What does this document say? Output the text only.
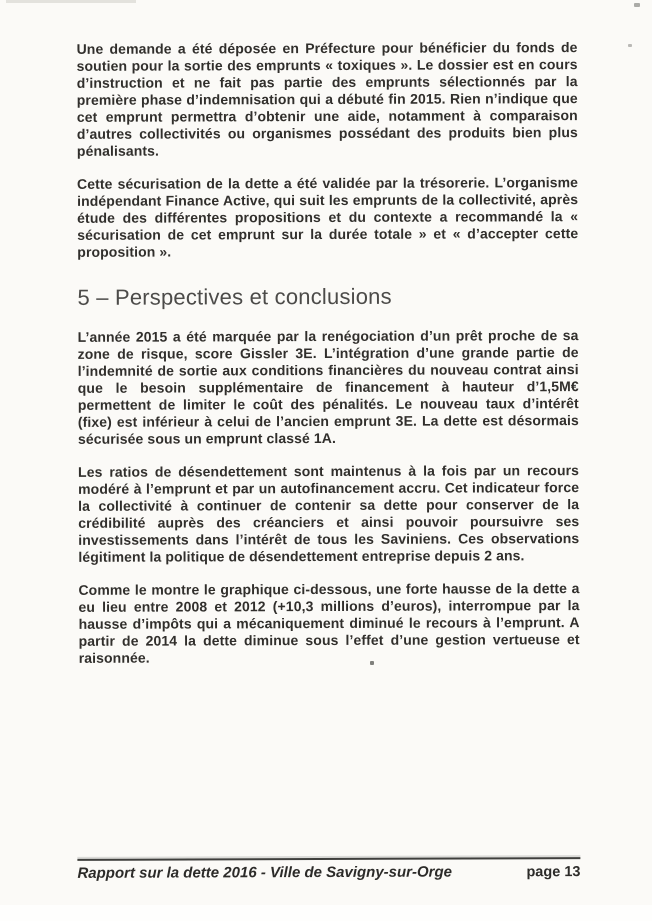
Une demande a été déposée en Préfecture pour bénéficier du fonds de soutien pour la sortie des emprunts « toxiques ». Le dossier est en cours d’instruction et ne fait pas partie des emprunts sélectionnés par la première phase d’indemnisation qui a débuté fin 2015. Rien n’indique que cet emprunt permettra d’obtenir une aide, notamment à comparaison d’autres collectivités ou organismes possédant des produits bien plus pénalisants.

Cette sécurisation de la dette a été validée par la trésorerie. L’organisme indépendant Finance Active, qui suit les emprunts de la collectivité, après étude des différentes propositions et du contexte a recommandé la « sécurisation de cet emprunt sur la durée totale » et « d’accepter cette proposition ».

5 – Perspectives et conclusions

L’année 2015 a été marquée par la renégociation d’un prêt proche de sa zone de risque, score Gissler 3E. L’intégration d’une grande partie de l’indemnité de sortie aux conditions financières du nouveau contrat ainsi que le besoin supplémentaire de financement à hauteur d’1,5M€ permettent de limiter le coût des pénalités. Le nouveau taux d’intérêt (fixe) est inférieur à celui de l’ancien emprunt 3E. La dette est désormais sécurisée sous un emprunt classé 1A.

Les ratios de désendettement sont maintenus à la fois par un recours modéré à l’emprunt et par un autofinancement accru. Cet indicateur force la collectivité à continuer de contenir sa dette pour conserver de la crédibilité auprès des créanciers et ainsi pouvoir poursuivre ses investissements dans l’intérêt de tous les Saviniens. Ces observations légitiment la politique de désendettement entreprise depuis 2 ans.

Comme le montre le graphique ci-dessous, une forte hausse de la dette a eu lieu entre 2008 et 2012 (+10,3 millions d’euros), interrompue par la hausse d’impôts qui a mécaniquement diminué le recours à l’emprunt. A partir de 2014 la dette diminue sous l’effet d’une gestion vertueuse et raisonnée.

Rapport sur la dette 2016 - Ville de Savigny-sur-Orge	page 13
